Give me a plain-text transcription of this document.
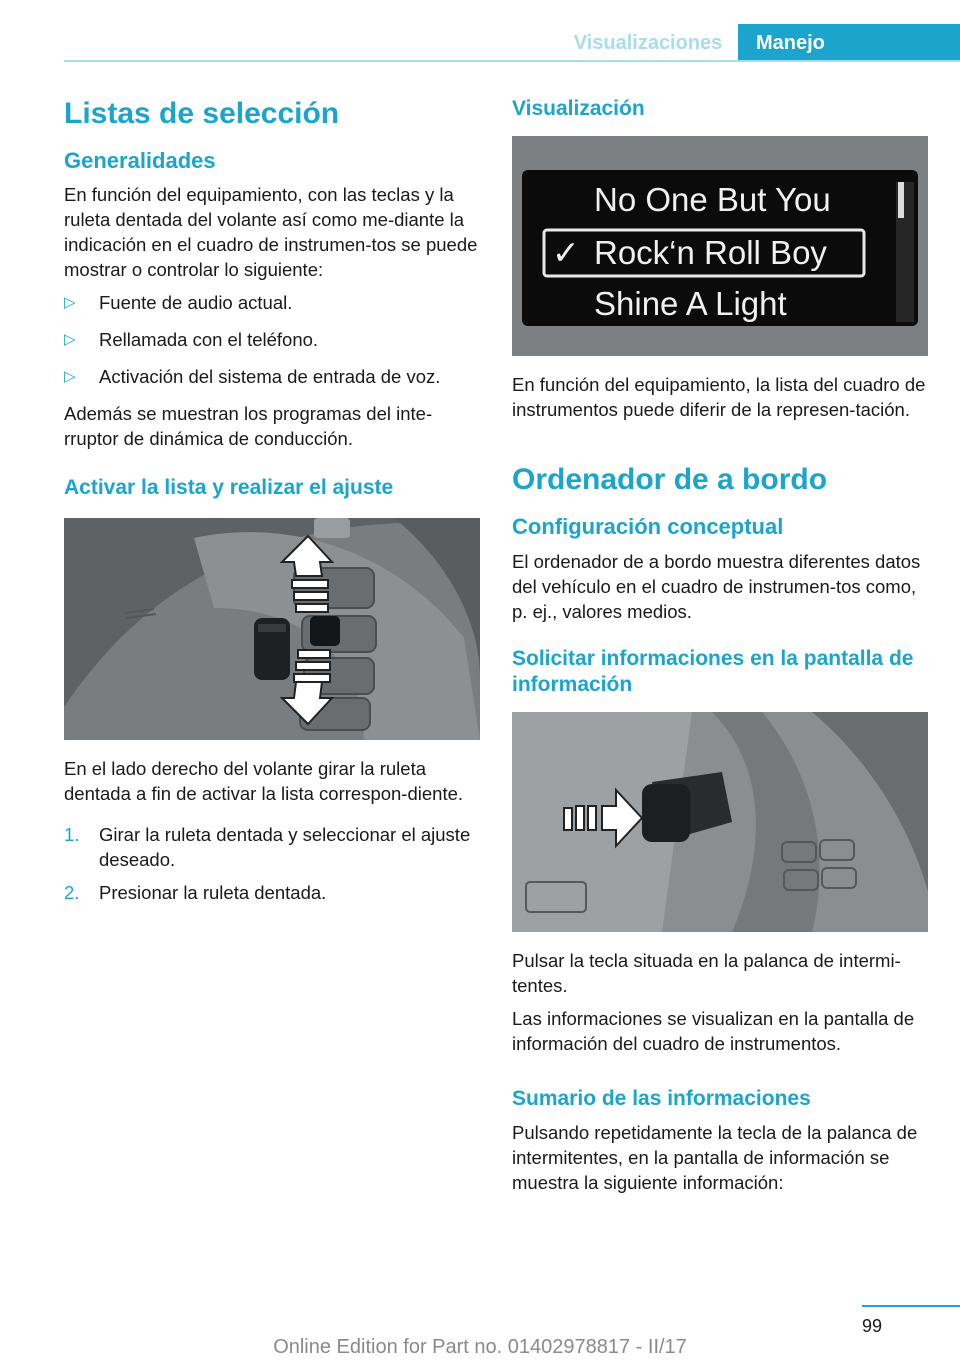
Visualizaciones	Manejo
Listas de selección
Generalidades

En función del equipamiento, con las teclas y la ruleta dentada del volante así como me‐diante la indicación en el cuadro de instrumen‐tos se puede mostrar o controlar lo siguiente:

▷ Fuente de audio actual.
▷ Rellamada con el teléfono.
▷ Activación del sistema de entrada de voz.

Además se muestran los programas del inte‐rruptor de dinámica de conducción.

Activar la lista y realizar el ajuste

En el lado derecho del volante girar la ruleta dentada a fin de activar la lista correspon‐diente.

1. Girar la ruleta dentada y seleccionar el ajuste deseado.
2. Presionar la ruleta dentada.
Visualización
No One But You
✓ Rock‘n Roll Boy
Shine A Light

En función del equipamiento, la lista del cuadro de instrumentos puede diferir de la represen‐tación.

Ordenador de a bordo
Configuración conceptual

El ordenador de a bordo muestra diferentes datos del vehículo en el cuadro de instrumen‐tos como, p. ej., valores medios.

Solicitar informaciones en la pantalla de información

Pulsar la tecla situada en la palanca de intermi‐tentes.

Las informaciones se visualizan en la pantalla de información del cuadro de instrumentos.

Sumario de las informaciones

Pulsando repetidamente la tecla de la palanca de intermitentes, en la pantalla de información se muestra la siguiente información:

99
Online Edition for Part no. 01402978817 - II/17
